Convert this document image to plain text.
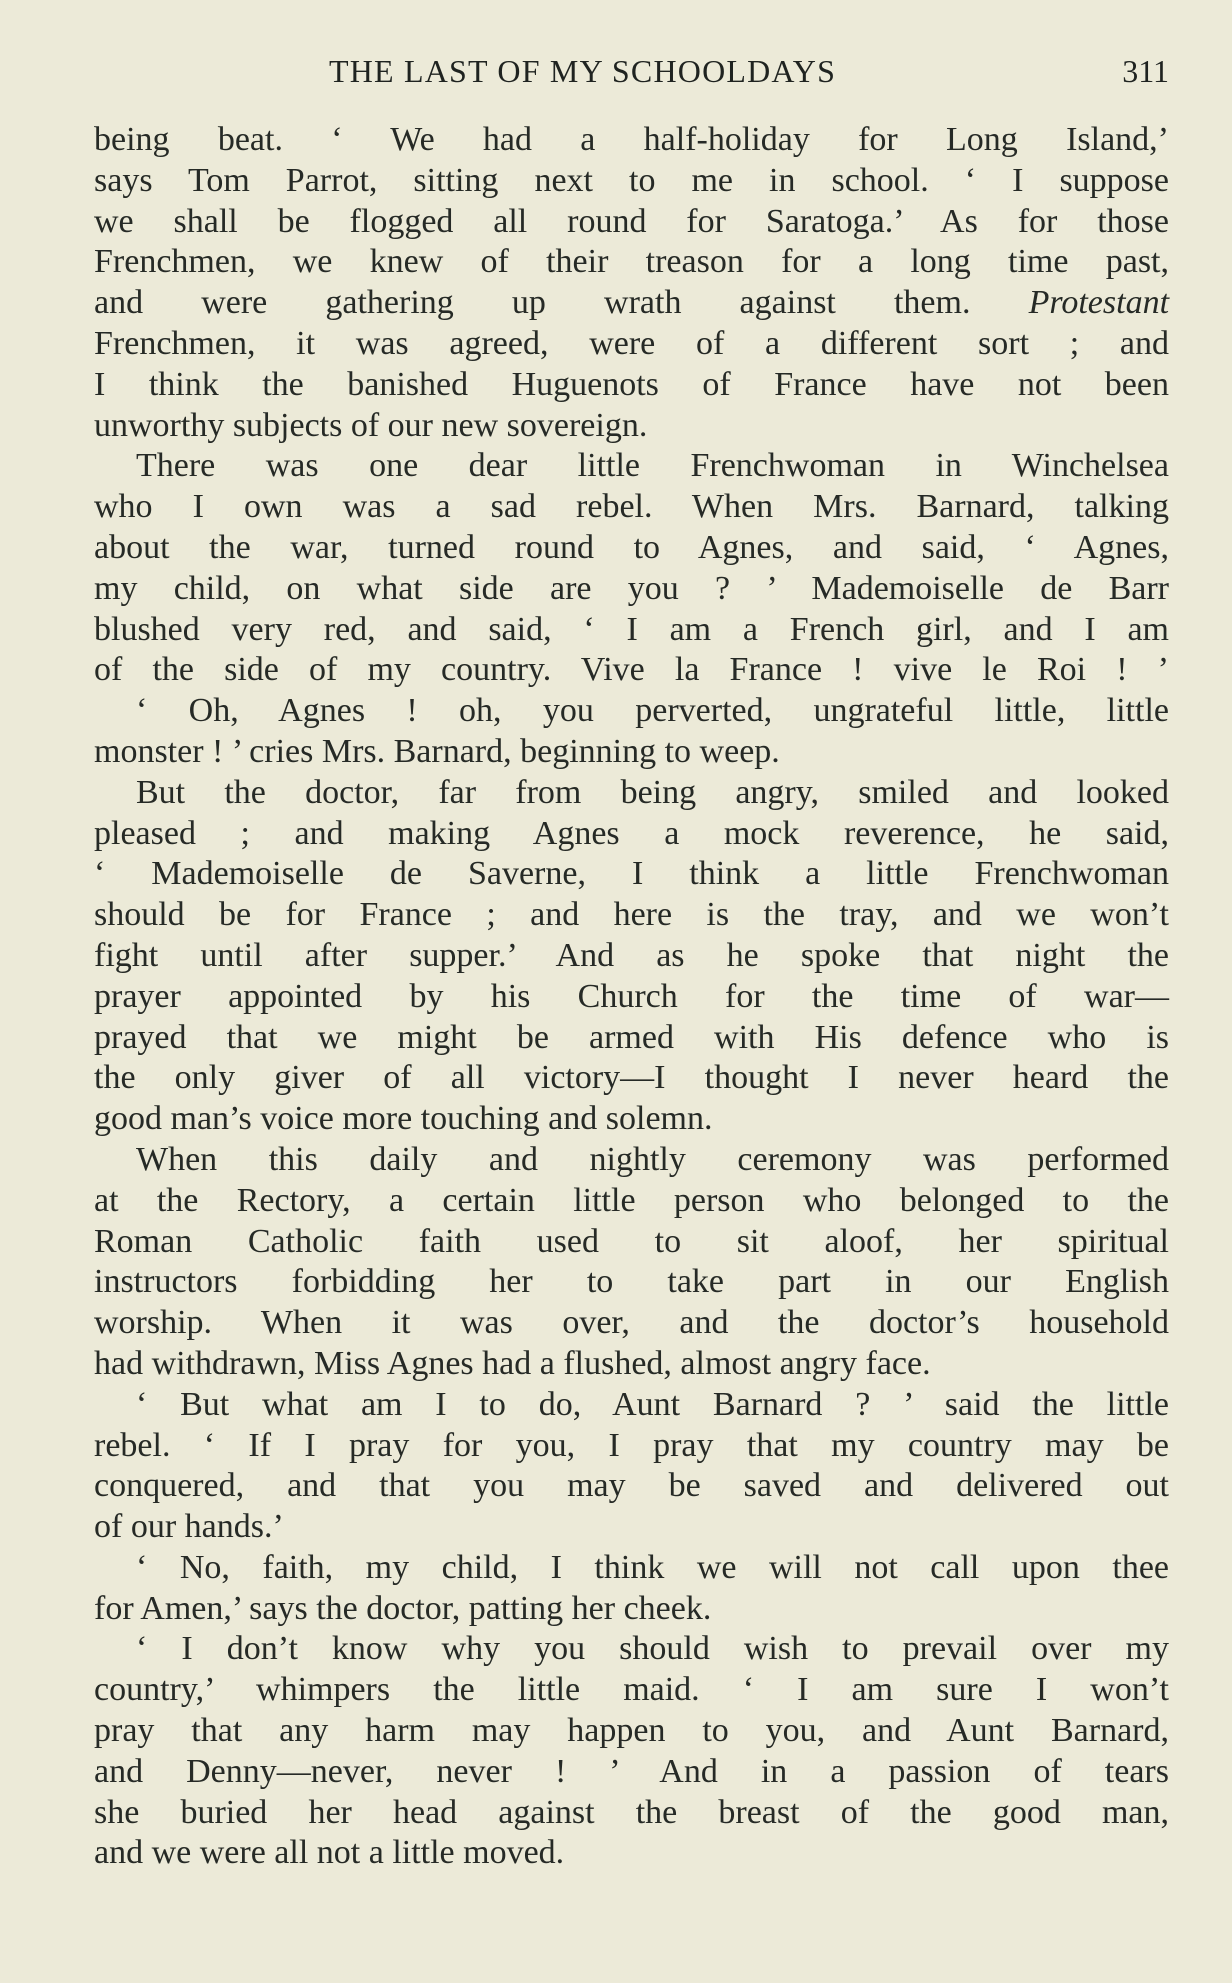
THE LAST OF MY SCHOOLDAYS	311
being beat. ‘ We had a half-holiday for Long Island,’
says Tom Parrot, sitting next to me in school. ‘ I suppose
we shall be flogged all round for Saratoga.’ As for those
Frenchmen, we knew of their treason for a long time past,
and were gathering up wrath against them. Protestant
Frenchmen, it was agreed, were of a different sort ; and
I think the banished Huguenots of France have not been
unworthy subjects of our new sovereign.
There was one dear little Frenchwoman in Winchelsea
who I own was a sad rebel. When Mrs. Barnard, talking
about the war, turned round to Agnes, and said, ‘ Agnes,
my child, on what side are you ? ’ Mademoiselle de Barr
blushed very red, and said, ‘ I am a French girl, and I am
of the side of my country. Vive la France ! vive le Roi ! ’
‘ Oh, Agnes ! oh, you perverted, ungrateful little, little
monster ! ’ cries Mrs. Barnard, beginning to weep.
But the doctor, far from being angry, smiled and looked
pleased ; and making Agnes a mock reverence, he said,
‘ Mademoiselle de Saverne, I think a little Frenchwoman
should be for France ; and here is the tray, and we won’t
fight until after supper.’ And as he spoke that night the
prayer appointed by his Church for the time of war—
prayed that we might be armed with His defence who is
the only giver of all victory—I thought I never heard the
good man’s voice more touching and solemn.
When this daily and nightly ceremony was performed
at the Rectory, a certain little person who belonged to the
Roman Catholic faith used to sit aloof, her spiritual
instructors forbidding her to take part in our English
worship. When it was over, and the doctor’s household
had withdrawn, Miss Agnes had a flushed, almost angry face.
‘ But what am I to do, Aunt Barnard ? ’ said the little
rebel. ‘ If I pray for you, I pray that my country may be
conquered, and that you may be saved and delivered out
of our hands.’
‘ No, faith, my child, I think we will not call upon thee
for Amen,’ says the doctor, patting her cheek.
‘ I don’t know why you should wish to prevail over my
country,’ whimpers the little maid. ‘ I am sure I won’t
pray that any harm may happen to you, and Aunt Barnard,
and Denny—never, never ! ’ And in a passion of tears
she buried her head against the breast of the good man,
and we were all not a little moved.
